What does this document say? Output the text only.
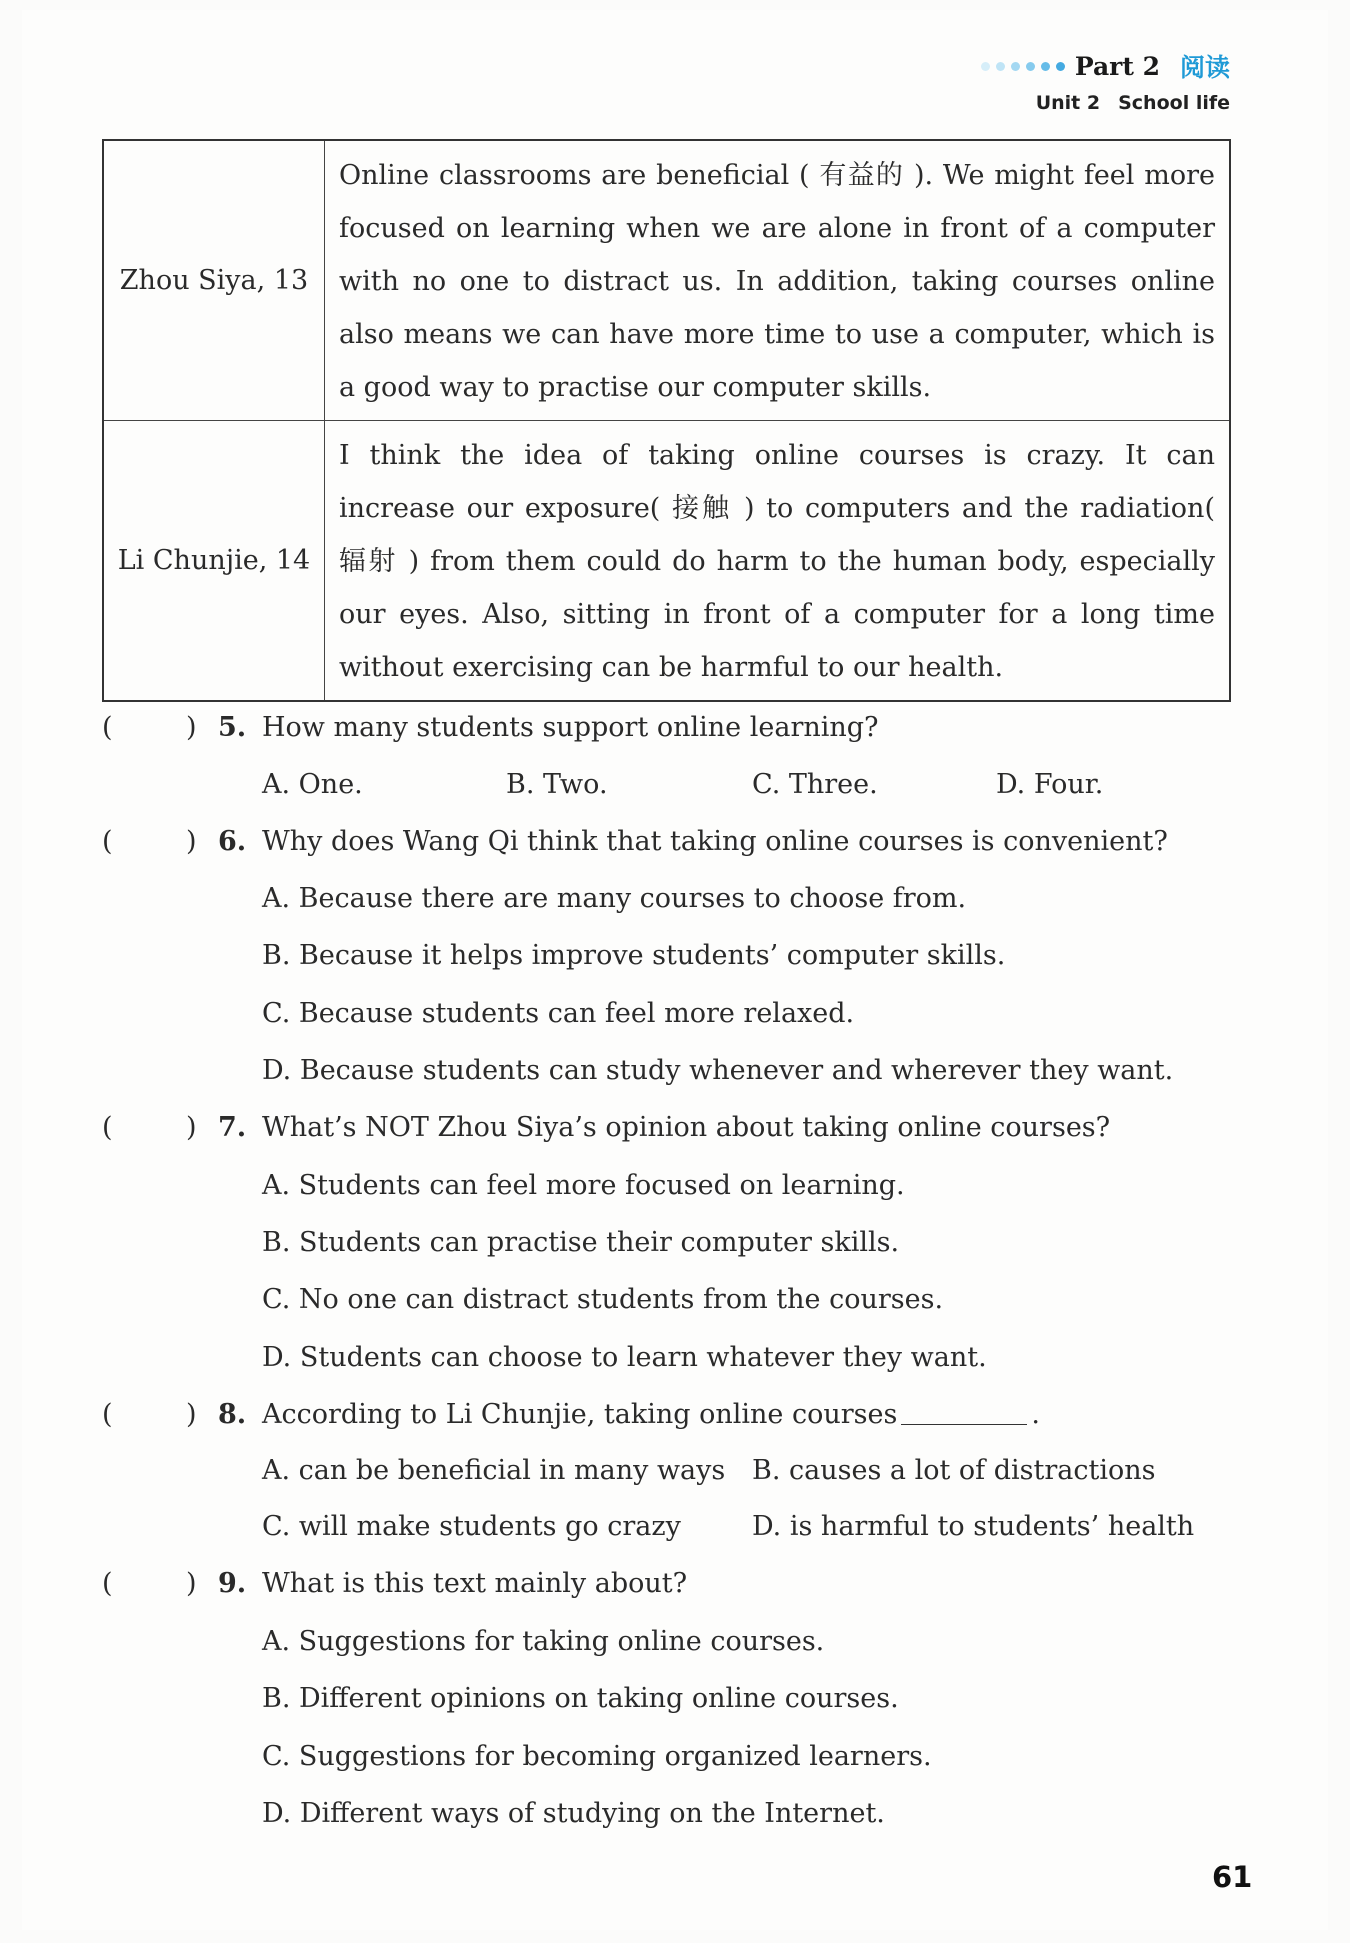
Part 2 阅读
Unit 2 School life
Zhou Siya, 13	Online classrooms are beneficial ( 有益的 ). We might feel more focused on learning when we are alone in front of a computer with no one to distract us. In addition, taking courses online also means we can have more time to use a computer, which is a good way to practise our computer skills.
Li Chunjie, 14	I think the idea of taking online courses is crazy. It can increase our exposure( 接触 ) to computers and the radiation( 辐射 ) from them could do harm to the human body, especially our eyes. Also, sitting in front of a computer for a long time without exercising can be harmful to our health.
(	) 5. How many students support online learning?
A. One.	B. Two.	C. Three.	D. Four.
(	) 6. Why does Wang Qi think that taking online courses is convenient?
A. Because there are many courses to choose from.
B. Because it helps improve students’ computer skills.
C. Because students can feel more relaxed.
D. Because students can study whenever and wherever they want.
(	) 7. What’s NOT Zhou Siya’s opinion about taking online courses?
A. Students can feel more focused on learning.
B. Students can practise their computer skills.
C. No one can distract students from the courses.
D. Students can choose to learn whatever they want.
(	) 8. According to Li Chunjie, taking online courses	.
A. can be beneficial in many ways B. causes a lot of distractions
C. will make students go crazy	D. is harmful to students’ health
(	) 9. What is this text mainly about?
A. Suggestions for taking online courses.
B. Different opinions on taking online courses.
C. Suggestions for becoming organized learners.
D. Different ways of studying on the Internet.
61
